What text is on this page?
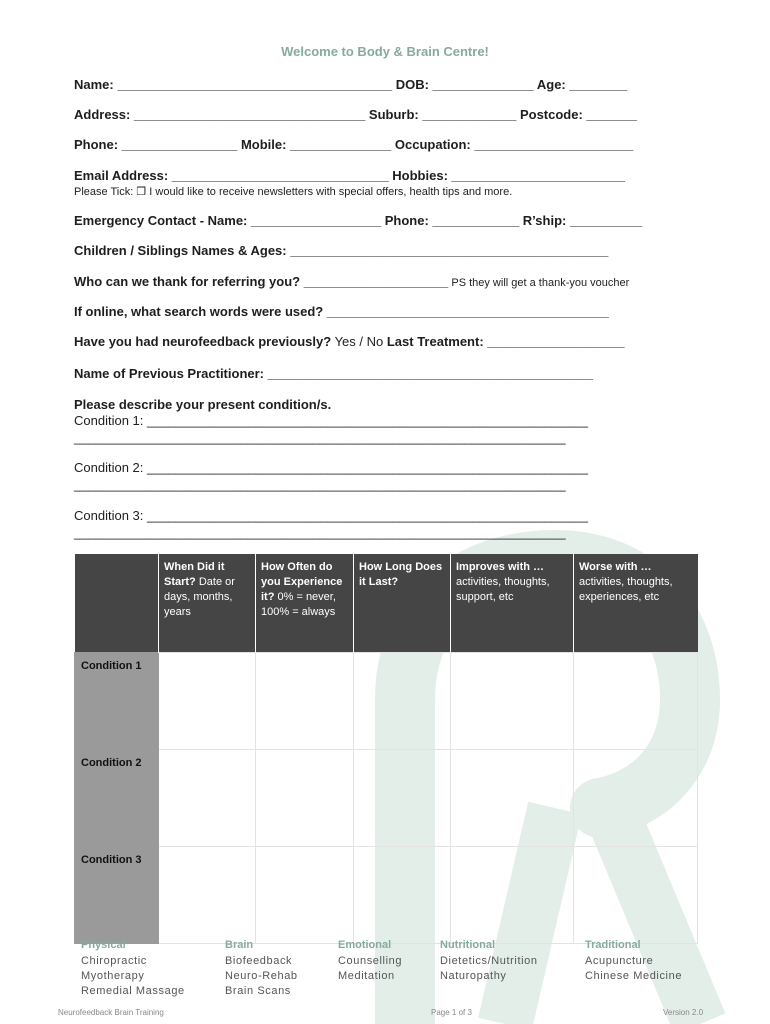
Welcome to Body & Brain Centre!
Name: ______________________________________ DOB: ______________ Age: ________
Address: ________________________________ Suburb: _____________ Postcode: _______
Phone: ________________ Mobile: ______________ Occupation: ______________________
Email Address: ______________________________ Hobbies: ________________________
Please Tick: ❐ I would like to receive newsletters with special offers, health tips and more.
Emergency Contact - Name: __________________ Phone: ____________ R’ship: __________
Children / Siblings Names & Ages: ____________________________________________
Who can we thank for referring you? ____________________ PS they will get a thank-you voucher
If online, what search words were used? _______________________________________
Have you had neurofeedback previously? Yes / No Last Treatment: ___________________
Name of Previous Practitioner: _____________________________________________
Please describe your present condition/s.
Condition 1: _____________________________________________________________
____________________________________________________________________
Condition 2: _____________________________________________________________
____________________________________________________________________
Condition 3: _____________________________________________________________
____________________________________________________________________
	When Did it Start? Date or days, months, years	How Often do you Experience it? 0% = never, 100% = always	How Long Does it Last?	Improves with … activities, thoughts, support, etc	Worse with … activities, thoughts, experiences, etc
Condition 1					
Condition 2					
Condition 3					
Physical
Chiropractic
Myotherapy
Remedial Massage
Brain
Biofeedback
Neuro-Rehab
Brain Scans
Emotional
Counselling
Meditation
Nutritional
Dietetics/Nutrition
Naturopathy
Traditional
Acupuncture
Chinese Medicine
Neurofeedback Brain Training	Page 1 of 3	Version 2.0
